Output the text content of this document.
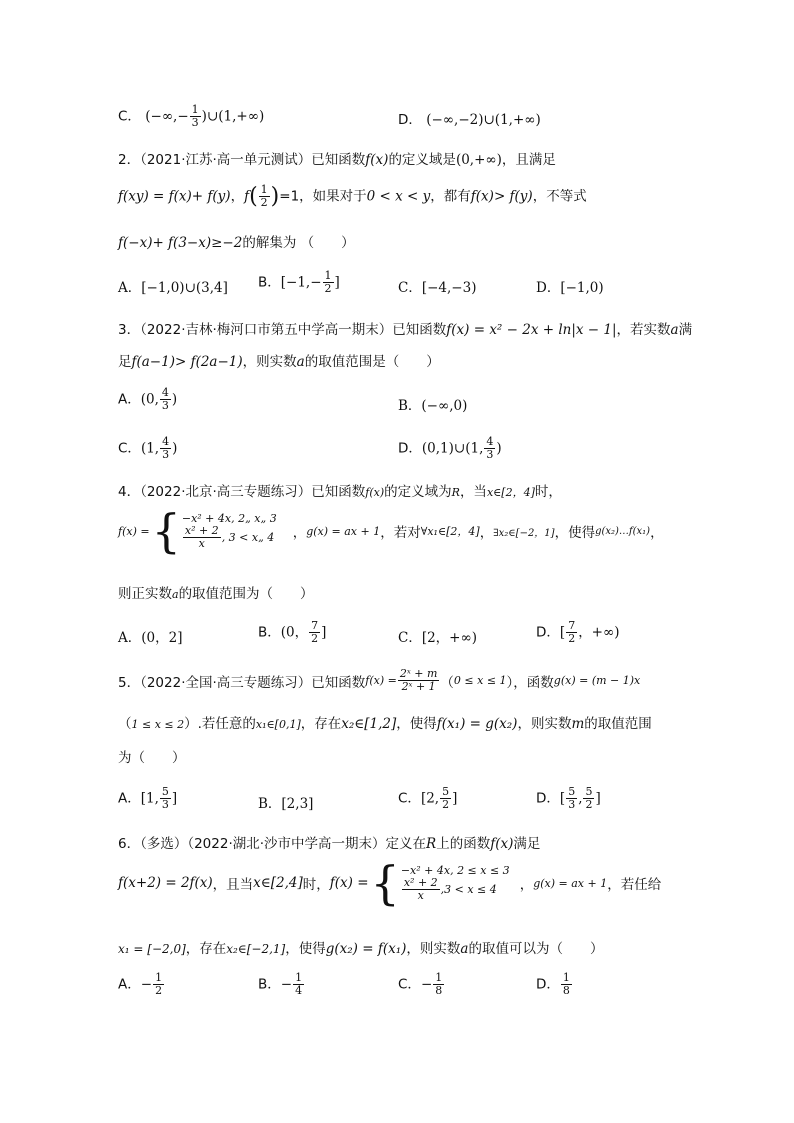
C． (−∞,− $\frac{1}{3}$ )∪(1,+∞)	D． (−∞,−2)∪(1,+∞)
2．（2021·江苏·高一单元测试）已知函数f(x)的定义域是(0,+∞)，且满足
f(xy) = f(x)+ f(y)，$f( \frac{1}{2} )=1$，如果对于0 < x < y，都有f(x)> f(y)，不等式
f(−x)+ f(3−x)≥−2的解集为 （　　）
A．[−1,0)∪(3,4] B．[$-1,- \frac{1}{2}$ ]	C．[−4,−3)	D．[−1,0)
3．（2022·吉林·梅河口市第五中学高一期末）已知函数f(x) = x² − 2x + ln|x − 1|，若实数a满
足f(a−1)> f(2a−1)，则实数a的取值范围是（　　）
A．(0, $\frac{4}{3}$ )	B．(−∞,0)
C．(1, $\frac{4}{3}$ )	D．(0,1)∪(1, $\frac{4}{3}$ )
4．（2022·北京·高三专题练习）已知函数f(x)的定义域为R，当x∈[2，4]时，
f(x) = { −x² + 4x, 2„ x„ 3
$\frac{\text{x² + 2}}{x}$ , 3 < x„ 4 ， g(x) = ax + 1 ，若对 ∀x₁∈[2，4] ， ∃x₂∈[−2，1] ，使得 g(x₂)…f(x₁) ，
则正实数a的取值范围为（　　）
A．(0，2]	B．(0， $\frac{7}{2}$ ]	C．[2，+∞)	D．[ $\frac{7}{2}$ ，+∞)
5．（2022·全国·高三专题练习）已知函数 $f(x) = \frac{\text{2ˣ + m}}{\text{2ˣ + 1}}$ （ 0 ≤ x ≤ 1 ），函数 g(x) = (m − 1)x
（1 ≤ x ≤ 2）.若任意的x₁∈[0,1]，存在x₂∈[1,2]，使得f(x₁) = g(x₂)，则实数m的取值范围
为（　　）
A．[1, $\frac{5}{3}$ ]	B．[2,3]	C．[2, $\frac{5}{2}$ ]	D．[ $\frac{5}{3}$ , $\frac{5}{2}$ ]
6．（多选）（2022·湖北·沙市中学高一期末）定义在R上的函数f(x)满足
f(x+2) = 2f(x) ，且当 x∈[2,4] 时， f(x) = { −x² + 4x, 2 ≤ x ≤ 3
$\frac{\text{x² + 2}}{x} ,3 < x \le 4$ ， g(x) = ax + 1 ，若任给
x₁ = [−2,0]，存在x₂∈[−2,1]，使得g(x₂) = f(x₁)，则实数a的取值可以为（　　）
A．− $\frac{1}{2}$	B．− $\frac{1}{4}$	C．− $\frac{1}{8}$	D． $\frac{1}{8}$
